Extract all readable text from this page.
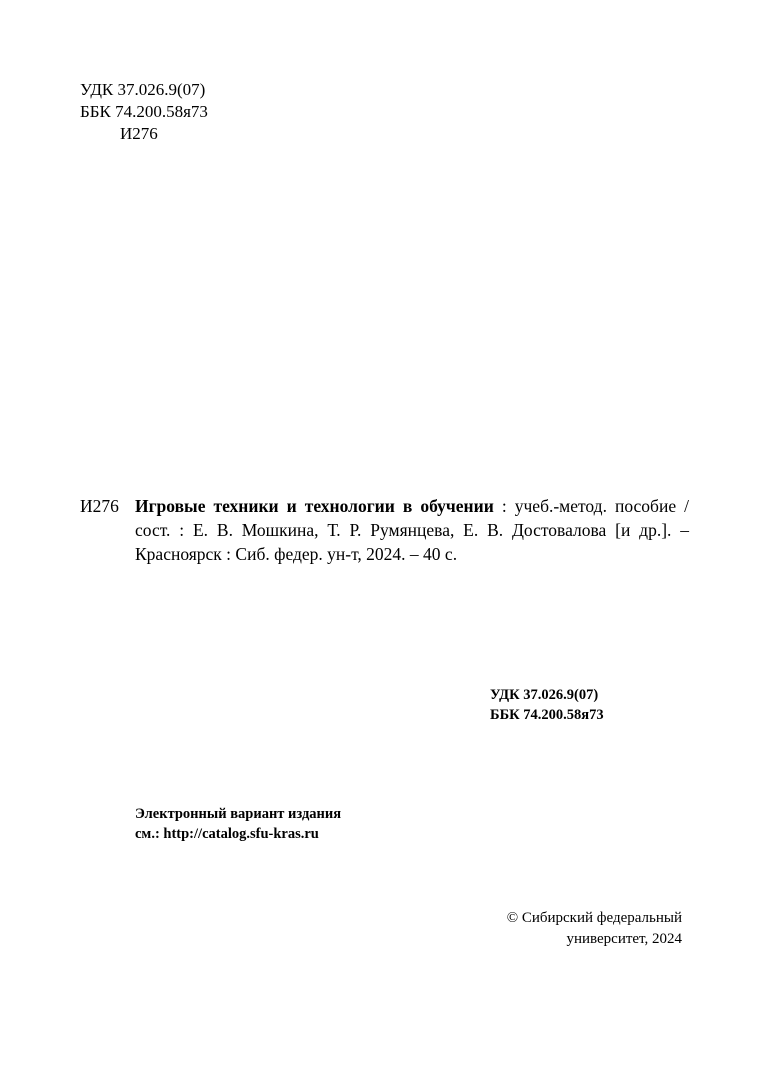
УДК 37.026.9(07)
ББК 74.200.58я73
И276
И276 Игровые техники и технологии в обучении : учеб.-метод. пособие /
сост. : Е. В. Мошкина, Т. Р. Румянцева, Е. В. Достовалова [и др.]. –
Красноярск : Сиб. федер. ун-т, 2024. – 40 с.
УДК 37.026.9(07)
ББК 74.200.58я73
Электронный вариант издания
см.: http://catalog.sfu-kras.ru
© Сибирский федеральный
университет, 2024
